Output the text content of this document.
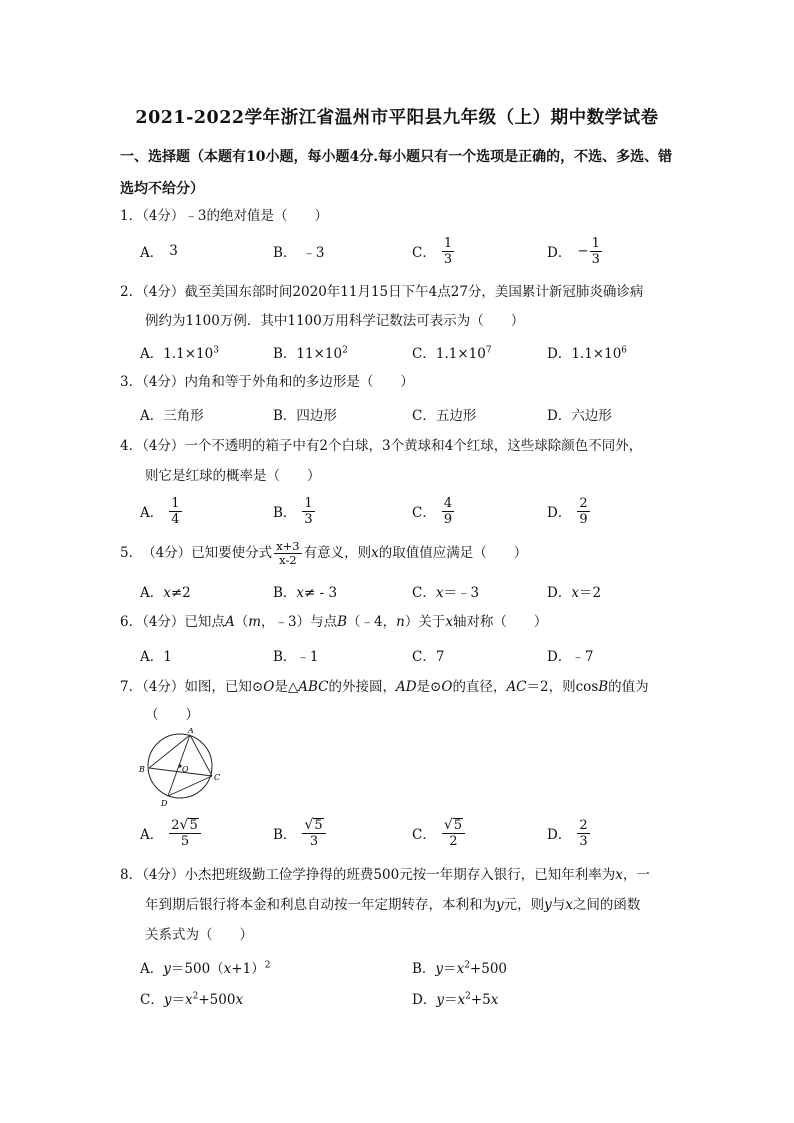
2021-2022学年浙江省温州市平阳县九年级（上）期中数学试卷
一、选择题（本题有10小题，每小题4分.每小题只有一个选项是正确的，不选、多选、错
选均不给分）
1．（4分）﹣3的绝对值是（　　）
A． 3	B． ﹣3	C． $\frac{1}{3}$	D． − $\frac{1}{3}$
2．（4分）截至美国东部时间2020年11月15日下午4点27分，美国累计新冠肺炎确诊病
例约为1100万例．其中1100万用科学记数法可表示为（　　）
A．$1.1\times 10^3$	B．$11\times 10^2$	C．$1.1\times 10^7$	D．$1.1\times 10^6$
3．（4分）内角和等于外角和的多边形是（　　）
A．三角形	B．四边形	C．五边形	D．六边形
4．（4分）一个不透明的箱子中有2个白球，3个黄球和4个红球，这些球除颜色不同外，
则它是红球的概率是（　　）
A． $\frac{1}{4}$	B． $\frac{1}{3}$	C． $\frac{4}{9}$	D． $\frac{2}{9}$
5． （4分） 已知要使分式 $\frac{x+3}{x-2}$ 有意义，则 x 的取值值应满足（　　）
A．x≠2	B．x≠ - 3	C．x＝﹣3	D．x＝2
6．（4分）已知点A（m，﹣3）与点B（﹣4，n）关于x轴对称（　　）
A．1	B．﹣1	C．7	D．﹣7
7．（4分）如图，已知⊙O是△ABC的外接圆，AD是⊙O的直径，AC＝2，则cosB的值为
（　　）
A
B
C
D
O
A． $\frac{2 √ 5}{5}$	B． $\frac{√ 5}{3}$	C． $\frac{√ 5}{2}$	D． $\frac{2}{3}$
8．（4分）小杰把班级勤工俭学挣得的班费500元按一年期存入银行，已知年利率为x，一
年到期后银行将本金和利息自动按一年定期转存，本利和为y元，则y与x之间的函数
关系式为（　　）
A．$y=500(x+1)^2$	B．$y=x^2+500$
C．$y=x^2+500x$	D．$y=x^2+5x$
